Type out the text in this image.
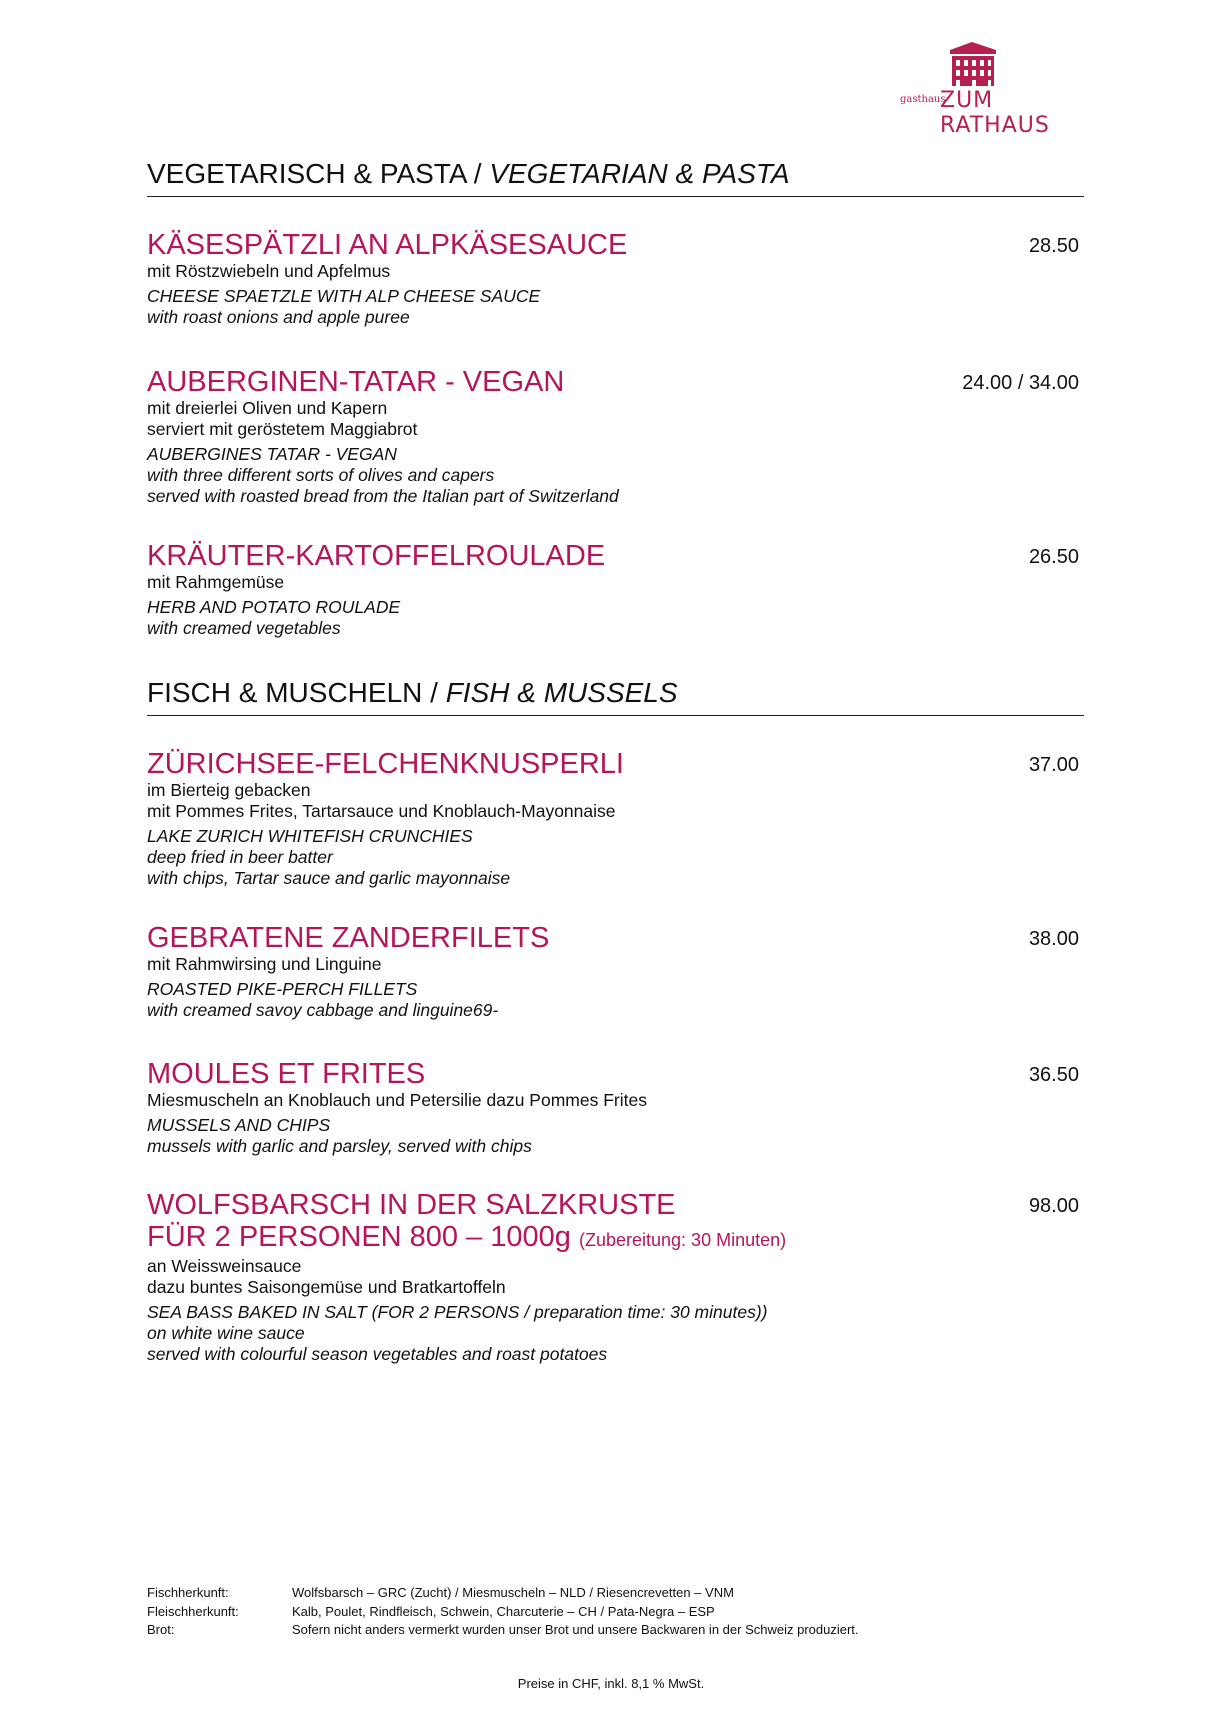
gasthaus
ZUM RATHAUS
VEGETARISCH & PASTA / VEGETARIAN & PASTA
KÄSESPÄTZLI AN ALPKÄSESAUCE	28.50
mit Röstzwiebeln und Apfelmus
CHEESE SPAETZLE WITH ALP CHEESE SAUCE
with roast onions and apple puree
AUBERGINEN-TATAR - VEGAN	24.00 / 34.00
mit dreierlei Oliven und Kapern
serviert mit geröstetem Maggiabrot
AUBERGINES TATAR - VEGAN
with three different sorts of olives and capers
served with roasted bread from the Italian part of Switzerland
KRÄUTER-KARTOFFELROULADE	26.50
mit Rahmgemüse
HERB AND POTATO ROULADE
with creamed vegetables
FISCH & MUSCHELN / FISH & MUSSELS
ZÜRICHSEE-FELCHENKNUSPERLI	37.00
im Bierteig gebacken
mit Pommes Frites, Tartarsauce und Knoblauch-Mayonnaise
LAKE ZURICH WHITEFISH CRUNCHIES
deep fried in beer batter
with chips, Tartar sauce and garlic mayonnaise
GEBRATENE ZANDERFILETS	38.00
mit Rahmwirsing und Linguine
ROASTED PIKE-PERCH FILLETS
with creamed savoy cabbage and linguine69-
MOULES ET FRITES	36.50
Miesmuscheln an Knoblauch und Petersilie dazu Pommes Frites
MUSSELS AND CHIPS
mussels with garlic and parsley, served with chips
WOLFSBARSCH IN DER SALZKRUSTE
FÜR 2 PERSONEN 800 – 1000g (Zubereitung: 30 Minuten)
98.00
an Weissweinsauce
dazu buntes Saisongemüse und Bratkartoffeln
SEA BASS BAKED IN SALT (FOR 2 PERSONS / preparation time: 30 minutes))
on white wine sauce
served with colourful season vegetables and roast potatoes
Fischherkunft:	Wolfsbarsch – GRC (Zucht) / Miesmuscheln – NLD / Riesencrevetten – VNM
Fleischherkunft:	Kalb, Poulet, Rindfleisch, Schwein, Charcuterie – CH / Pata-Negra – ESP
Brot:	Sofern nicht anders vermerkt wurden unser Brot und unsere Backwaren in der Schweiz produziert.
Preise in CHF, inkl. 8,1 % MwSt.
